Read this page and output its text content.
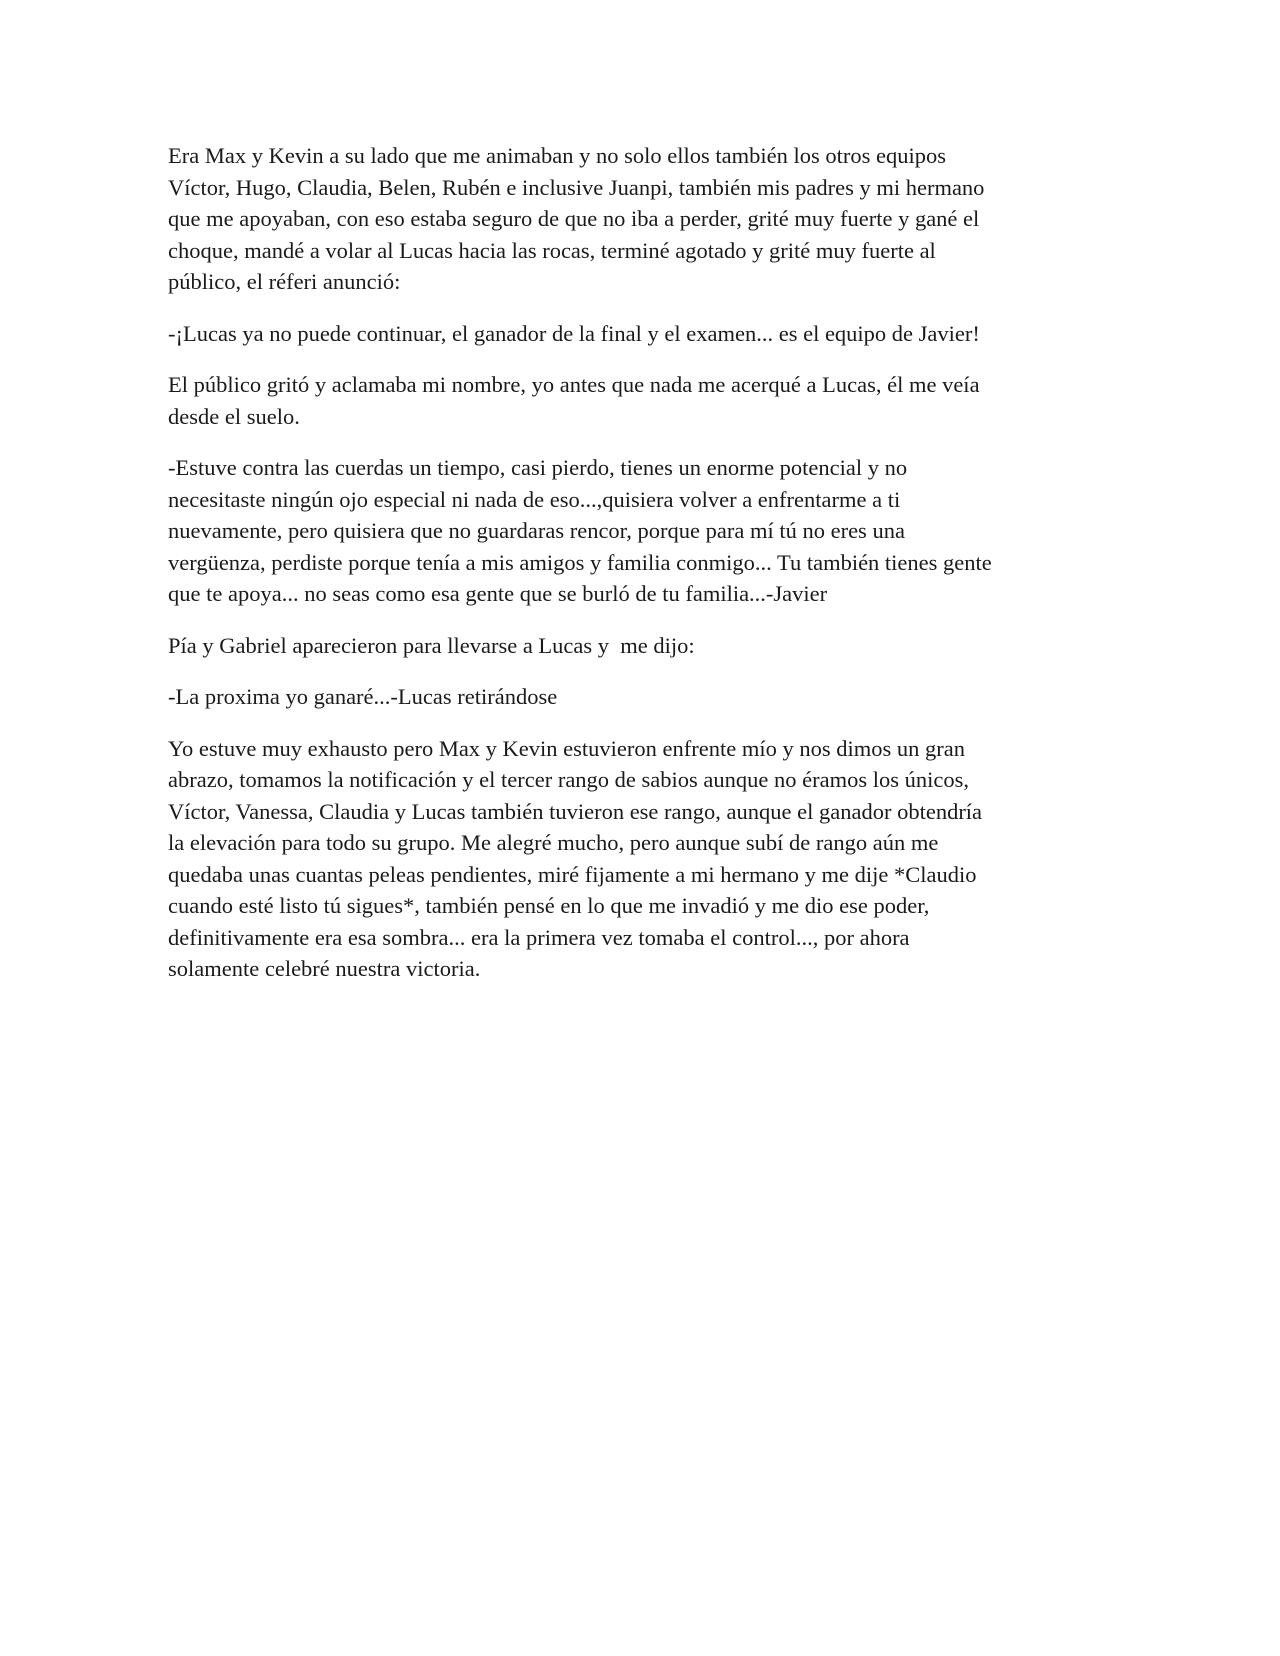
Era Max y Kevin a su lado que me animaban y no solo ellos también los otros equipos
Víctor, Hugo, Claudia, Belen, Rubén e inclusive Juanpi, también mis padres y mi hermano
que me apoyaban, con eso estaba seguro de que no iba a perder, grité muy fuerte y gané el
choque, mandé a volar al Lucas hacia las rocas, terminé agotado y grité muy fuerte al
público, el réferi anunció:

-¡Lucas ya no puede continuar, el ganador de la final y el examen... es el equipo de Javier!

El público gritó y aclamaba mi nombre, yo antes que nada me acerqué a Lucas, él me veía
desde el suelo.

-Estuve contra las cuerdas un tiempo, casi pierdo, tienes un enorme potencial y no
necesitaste ningún ojo especial ni nada de eso...,quisiera volver a enfrentarme a ti
nuevamente, pero quisiera que no guardaras rencor, porque para mí tú no eres una
vergüenza, perdiste porque tenía a mis amigos y familia conmigo... Tu también tienes gente
que te apoya... no seas como esa gente que se burló de tu familia...-Javier

Pía y Gabriel aparecieron para llevarse a Lucas y  me dijo:

-La proxima yo ganaré...-Lucas retirándose

Yo estuve muy exhausto pero Max y Kevin estuvieron enfrente mío y nos dimos un gran
abrazo, tomamos la notificación y el tercer rango de sabios aunque no éramos los únicos,
Víctor, Vanessa, Claudia y Lucas también tuvieron ese rango, aunque el ganador obtendría
la elevación para todo su grupo. Me alegré mucho, pero aunque subí de rango aún me
quedaba unas cuantas peleas pendientes, miré fijamente a mi hermano y me dije *Claudio
cuando esté listo tú sigues*, también pensé en lo que me invadió y me dio ese poder,
definitivamente era esa sombra... era la primera vez tomaba el control..., por ahora
solamente celebré nuestra victoria.
